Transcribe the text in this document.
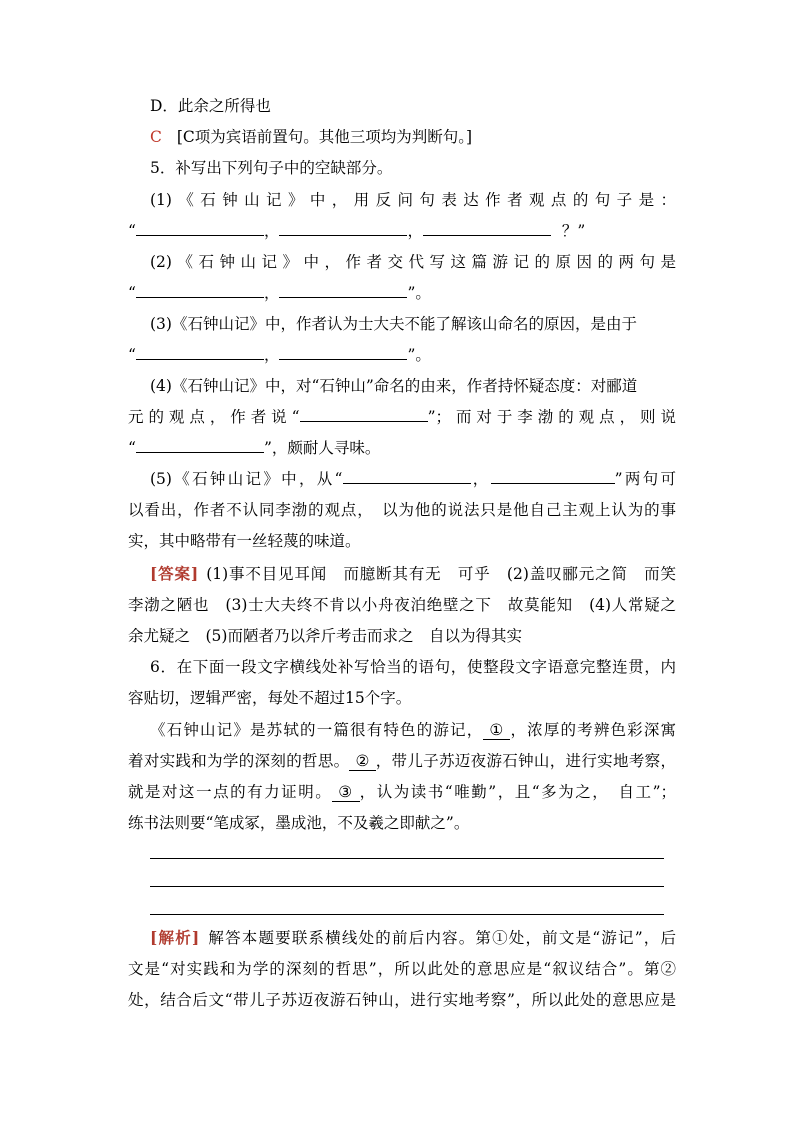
D．此余之所得也
C [C项为宾语前置句。其他三项均为判断句。]
5．补写出下列句子中的空缺部分。
(1)《石钟山记》中，用反问句表达作者观点的句子是：
“	，	，	？”
(2)《石钟山记》中，作者交代写这篇游记的原因的两句是
“	，	”。
(3)《石钟山记》中，作者认为士大夫不能了解该山命名的原因，是由于
“	，	”。
(4)《石钟山记》中，对“石钟山”命名的由来，作者持怀疑态度：对郦道
元的观点，作者说“	”；而对于李渤的观点，则说
“	”，颇耐人寻味。
(5)《石钟山记》中，从“	，	”两句可
以看出，作者不认同李渤的观点，　以为他的说法只是他自己主观上认为的事
实，其中略带有一丝轻蔑的味道。
[答案] (1)事不目见耳闻　而臆断其有无　可乎　(2)盖叹郦元之简　而笑
李渤之陋也　(3)士大夫终不肯以小舟夜泊绝壁之下　故莫能知　(4)人常疑之
余尤疑之　(5)而陋者乃以斧斤考击而求之　自以为得其实
6．在下面一段文字横线处补写恰当的语句，使整段文字语意完整连贯，内
容贴切，逻辑严密，每处不超过15个字。
《石钟山记》是苏轼的一篇很有特色的游记， ① ，浓厚的考辨色彩深寓
着对实践和为学的深刻的哲思。 ② ，带儿子苏迈夜游石钟山，进行实地考察，
就是对这一点的有力证明。 ③ ，认为读书“唯勤”，且“多为之，　自工”；
练书法则要“笔成冢，墨成池，不及羲之即献之”。
[解析] 解答本题要联系横线处的前后内容。第①处，前文是“游记”，后
文是“对实践和为学的深刻的哲思”，所以此处的意思应是“叙议结合”。第②
处，结合后文“带儿子苏迈夜游石钟山，进行实地考察”，所以此处的意思应是
